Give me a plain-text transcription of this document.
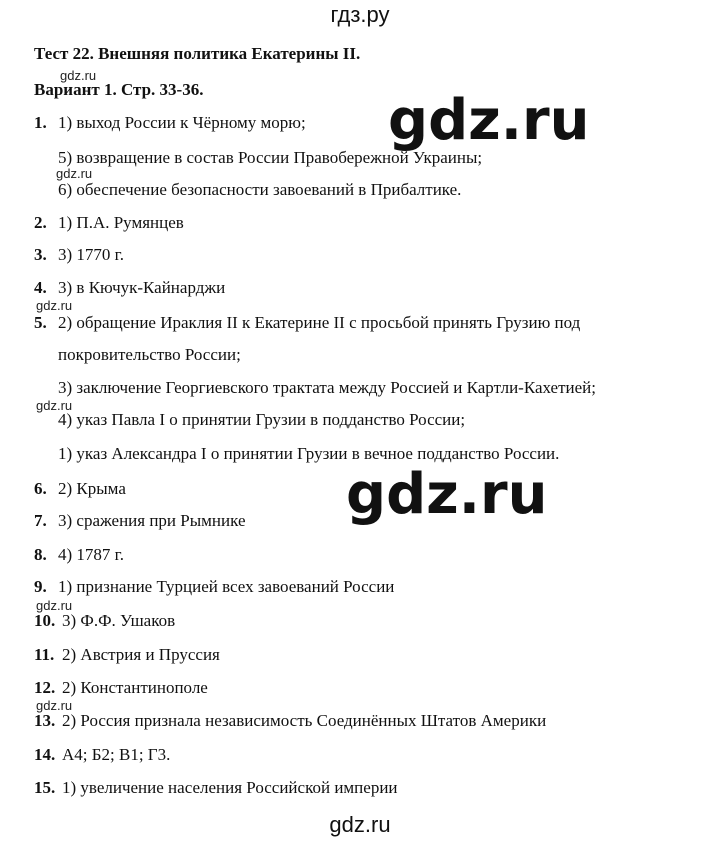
гдз.ру
Тест 22. Внешняя политика Екатерины II.
gdz.ru
Вариант 1. Стр. 33-36.	gdz.ru
gdz.ru
1. 1) выход России к Чёрному морю;
5) возвращение в состав России Правобережной Украины;
gdz.ru
6) обеспечение безопасности завоеваний в Прибалтике.
2. 1) П.А. Румянцев
3. 3) 1770 г.
4. 3) в Кючук-Кайнарджи
gdz.ru
5. 2) обращение Ираклия II к Екатерине II с просьбой принять Грузию под
покровительство России;
3) заключение Георгиевского трактата между Россией и Картли-Кахетией;
gdz.ru
4) указ Павла I о принятии Грузии в подданство России;
1) указ Александра I о принятии Грузии в вечное подданство России.
6. 2) Крыма
7. 3) сражения при Рымнике
8. 4) 1787 г.
9. 1) признание Турцией всех завоеваний России
gdz.ru
10. 3) Ф.Ф. Ушаков
11. 2) Австрия и Пруссия
12. 2) Константинополе
gdz.ru
13. 2) Россия признала независимость Соединённых Штатов Америки
14. А4; Б2; В1; Г3.
15. 1) увеличение населения Российской империи
gdz.ru
